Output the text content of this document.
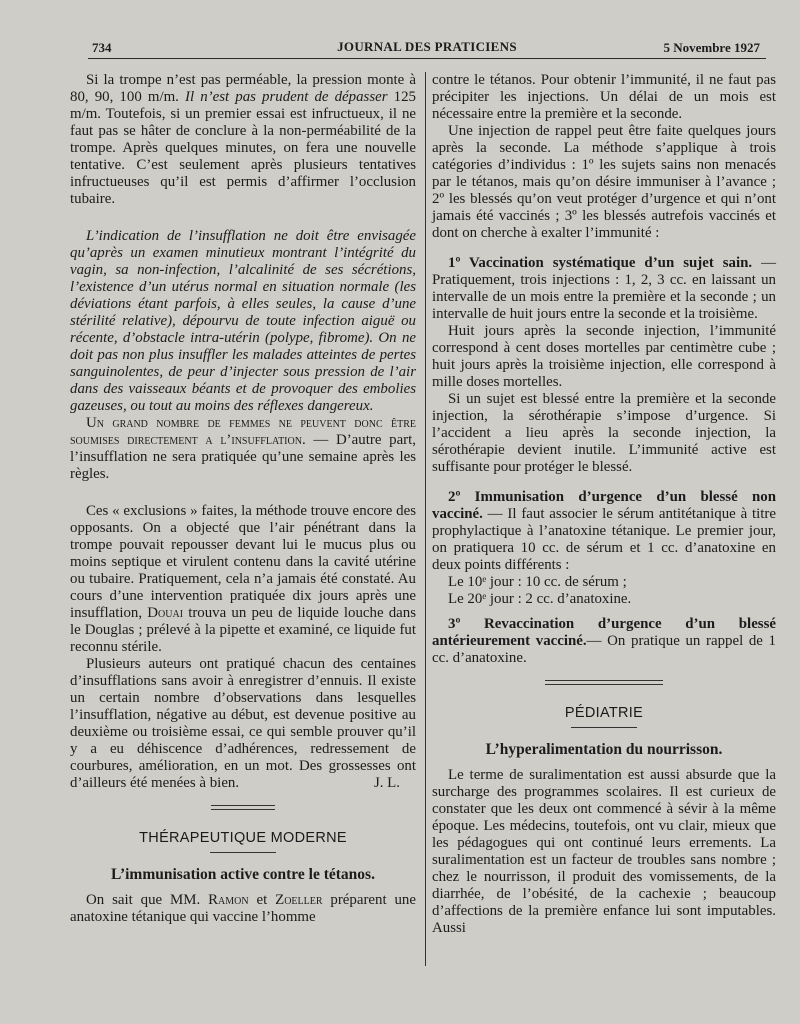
734	JOURNAL DES PRATICIENS	5 Novembre 1927

Si la trompe n’est pas perméable, la pression monte à 80, 90, 100 m/m. Il n’est pas prudent de dépasser 125 m/m. Toutefois, si un premier essai est infructueux, il ne faut pas se hâter de conclure à la non-perméabilité de la trompe. Après quelques minutes, on fera une nouvelle tentative. C’est seulement après plusieurs tentatives infructueuses qu’il est permis d’affirmer l’occlusion tubaire.

L’indication de l’insufflation ne doit être envisagée qu’après un examen minutieux montrant l’intégrité du vagin, sa non-infection, l’alcalinité de ses sécrétions, l’existence d’un utérus normal en situation normale (les déviations étant parfois, à elles seules, la cause d’une stérilité relative), dépourvu de toute infection aiguë ou récente, d’obstacle intra-utérin (polype, fibrome). On ne doit pas non plus insuffler les malades atteintes de pertes sanguinolentes, de peur d’injecter sous pression de l’air dans des vaisseaux béants et de provoquer des embolies gazeuses, ou tout au moins des réflexes dangereux.

Un grand nombre de femmes ne peuvent donc être soumises directement a l’insufflation. — D’autre part, l’insufflation ne sera pratiquée qu’une semaine après les règles.

Ces « exclusions » faites, la méthode trouve encore des opposants. On a objecté que l’air pénétrant dans la trompe pouvait repousser devant lui le mucus plus ou moins septique et virulent contenu dans la cavité utérine ou tubaire. Pratiquement, cela n’a jamais été constaté. Au cours d’une intervention pratiquée dix jours après une insufflation, Douai trouva un peu de liquide louche dans le Douglas ; prélevé à la pipette et examiné, ce liquide fut reconnu stérile.

Plusieurs auteurs ont pratiqué chacun des centaines d’insufflations sans avoir à enregistrer d’ennuis. Il existe un certain nombre d’observations dans lesquelles l’insufflation, négative au début, est devenue positive au deuxième ou troisième essai, ce qui semble prouver qu’il y a eu déhiscence d’adhérences, redressement de courbures, amélioration, en un mot. Des grossesses ont d’ailleurs été menées à bien.	J. L.

THÉRAPEUTIQUE MODERNE
L’immunisation active contre le tétanos.

On sait que MM. Ramon et Zoeller préparent une anatoxine tétanique qui vaccine l’homme

contre le tétanos. Pour obtenir l’immunité, il ne faut pas précipiter les injections. Un délai de un mois est nécessaire entre la première et la seconde.

Une injection de rappel peut être faite quelques jours après la seconde. La méthode s’applique à trois catégories d’individus : 1º les sujets sains non menacés par le tétanos, mais qu’on désire immuniser à l’avance ; 2º les blessés qu’on veut protéger d’urgence et qui n’ont jamais été vaccinés ; 3º les blessés autrefois vaccinés et dont on cherche à exalter l’immunité :

1º Vaccination systématique d’un sujet sain. — Pratiquement, trois injections : 1, 2, 3 cc. en laissant un intervalle de un mois entre la première et la seconde ; un intervalle de huit jours entre la seconde et la troisième.

Huit jours après la seconde injection, l’immunité correspond à cent doses mortelles par centimètre cube ; huit jours après la troisième injection, elle correspond à mille doses mortelles.

Si un sujet est blessé entre la première et la seconde injection, la sérothérapie s’impose d’urgence. Si l’accident a lieu après la seconde injection, la sérothérapie devient inutile. L’immunité active est suffisante pour protéger le blessé.

2º Immunisation d’urgence d’un blessé non vacciné. — Il faut associer le sérum antitétanique à titre prophylactique à l’anatoxine tétanique. Le premier jour, on pratiquera 10 cc. de sérum et 1 cc. d’anatoxine en deux points différents :

Le 10ᵉ jour : 10 cc. de sérum ;

Le 20ᵉ jour : 2 cc. d’anatoxine.

3º Revaccination d’urgence d’un blessé antérieurement vacciné.— On pratique un rappel de 1 cc. d’anatoxine.

PÉDIATRIE
L’hyperalimentation du nourrisson.

Le terme de suralimentation est aussi absurde que la surcharge des programmes scolaires. Il est curieux de constater que les deux ont commencé à sévir à la même époque. Les médecins, toutefois, ont vu clair, mieux que les pédagogues qui ont continué leurs errements. La suralimentation est un facteur de troubles sans nombre ; chez le nourrisson, il produit des vomissements, de la diarrhée, de l’obésité, de la cachexie ; beaucoup d’affections de la première enfance lui sont imputables. Aussi
